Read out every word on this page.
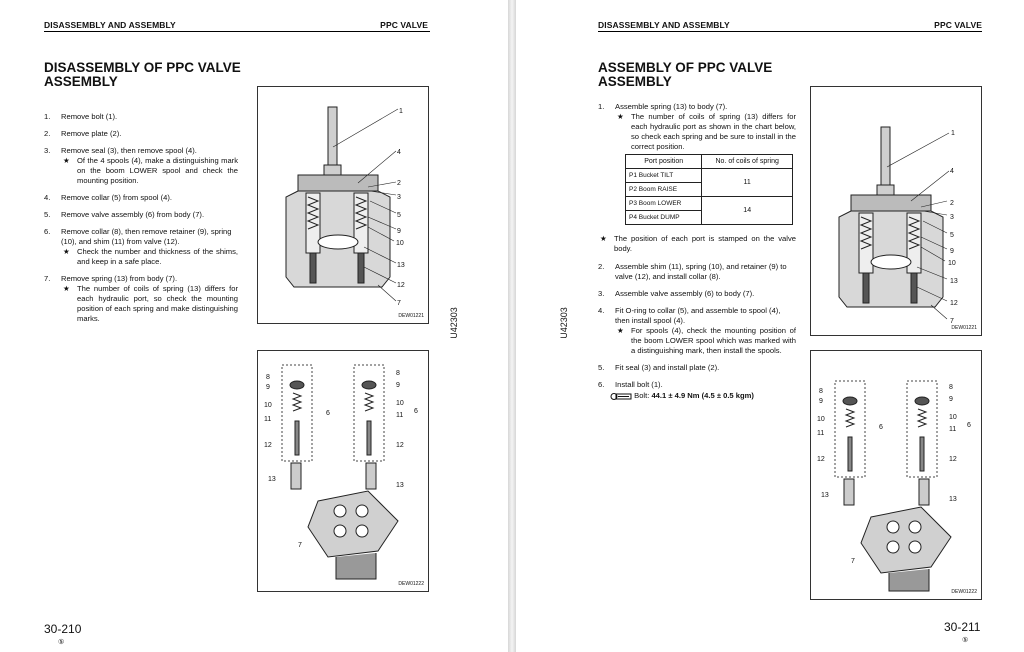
DISASSEMBLY AND ASSEMBLY	PPC VALVE
DISASSEMBLY OF PPC VALVE
ASSEMBLY
1. Remove bolt (1).
2. Remove plate (2).
3. Remove seal (3), then remove spool (4).
★ Of the 4 spools (4), make a distinguishing mark on the boom LOWER spool and check the mounting position.
4. Remove collar (5) from spool (4).
5. Remove valve assembly (6) from body (7).
6. Remove collar (8), then remove retainer (9), spring (10), and shim (11) from valve (12).
★ Check the number and thickness of the shims, and keep in a safe place.
7. Remove spring (13) from body (7).
★ The number of coils of spring (13) differs for each hydraulic port, so check the mounting position of each spring and make distinguishing marks.
1
4
2
3
5
9
10
13
12
7
DEW01221
8
9
10
11
6
12
13
7
8
9
10
11
6
12
13
DEW01222
U42303
30-210
⑤
DISASSEMBLY AND ASSEMBLY	PPC VALVE
ASSEMBLY OF PPC VALVE
ASSEMBLY
1. Assemble spring (13) to body (7).
★ The number of coils of spring (13) differs for each hydraulic port as shown in the chart below, so check each spring and be sure to install in the correct position.
Port position	No. of coils of spring
P1 Bucket TILT	11
P2 Boom RAISE	
P3 Boom LOWER	14
P4 Bucket DUMP	
★ The position of each port is stamped on the valve body.
2. Assemble shim (11), spring (10), and retainer (9) to valve (12), and install collar (8).
3. Assemble valve assembly (6) to body (7).
4. Fit O-ring to collar (5), and assemble to spool (4), then install spool (4).
★ For spools (4), check the mounting position of the boom LOWER spool which was marked with a distinguishing mark, then install the spools.
5. Fit seal (3) and install plate (2).
6. Install bolt (1).
Bolt: 44.1 ± 4.9 Nm (4.5 ± 0.5 kgm)
1
4
2
3
5
9
10
13
12
7
DEW01221
8
9
10
11
6
12
13
7
8
9
10
11
6
12
13
DEW01222
U42303
30-211
⑤
